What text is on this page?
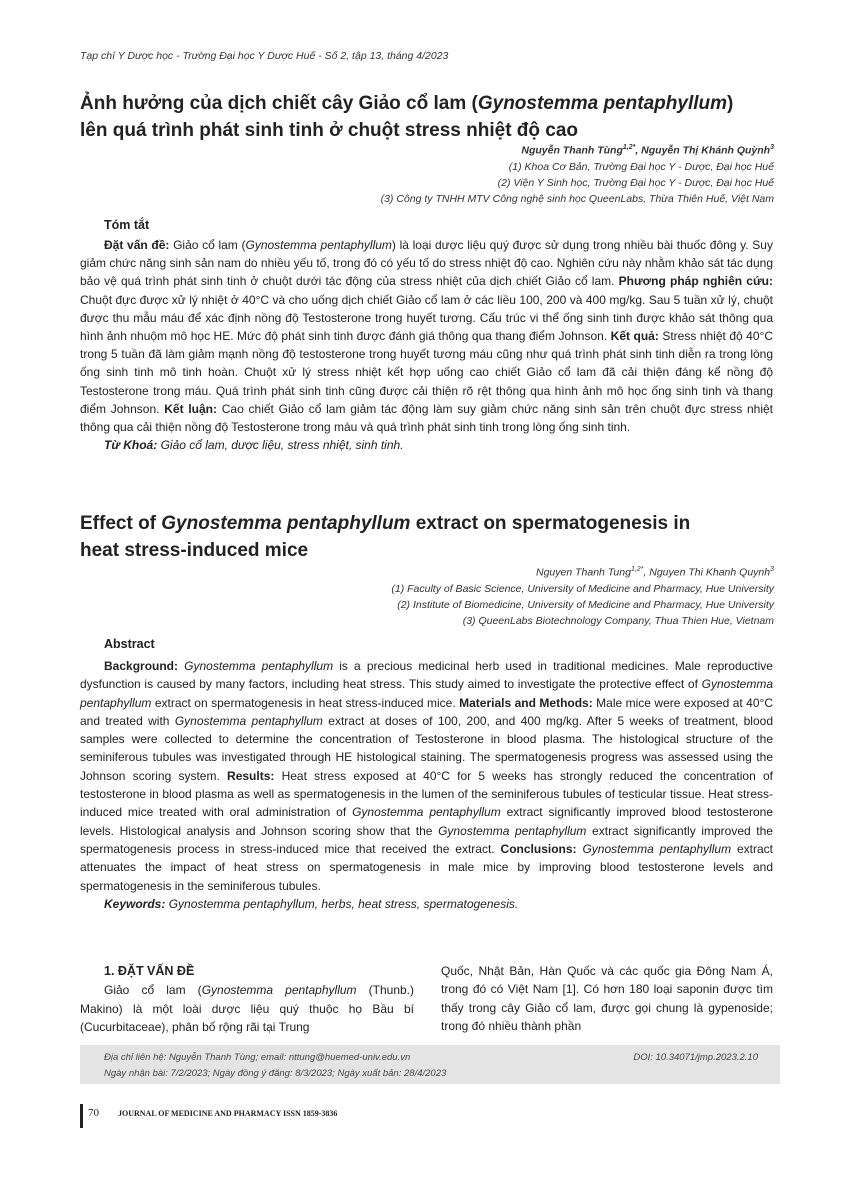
Tạp chí Y Dược học - Trường Đại học Y Dược Huế - Số 2, tập 13, tháng 4/2023
Ảnh hưởng của dịch chiết cây Giảo cổ lam (Gynostemma pentaphyllum)
lên quá trình phát sinh tinh ở chuột stress nhiệt độ cao
Nguyễn Thanh Tùng$^{1,2*}$, Nguyễn Thị Khánh Quỳnh$^3$
(1) Khoa Cơ Bản, Trường Đại học Y - Dược, Đại học Huế
(2) Viện Y Sinh học, Trường Đại học Y - Dược, Đại học Huế
(3) Công ty TNHH MTV Công nghệ sinh học QueenLabs, Thừa Thiên Huế, Việt Nam
Tóm tắt

Đặt vấn đề: Giảo cổ lam (Gynostemma pentaphyllum) là loại dược liệu quý được sử dụng trong nhiều bài thuốc đông y. Suy giảm chức năng sinh sản nam do nhiều yếu tố, trong đó có yếu tố do stress nhiệt độ cao. Nghiên cứu này nhằm khảo sát tác dụng bảo vệ quá trình phát sinh tinh ở chuột dưới tác động của stress nhiệt của dịch chiết Giảo cổ lam. Phương pháp nghiên cứu: Chuột đực được xử lý nhiệt ở 40°C và cho uống dịch chiết Giảo cổ lam ở các liều 100, 200 và 400 mg/kg. Sau 5 tuần xử lý, chuột được thu mẫu máu để xác định nồng độ Testosterone trong huyết tương. Cấu trúc vi thể ống sinh tinh được khảo sát thông qua hình ảnh nhuộm mô học HE. Mức độ phát sinh tinh được đánh giá thông qua thang điểm Johnson. Kết quả: Stress nhiệt độ 40°C trong 5 tuần đã làm giảm mạnh nồng độ testosterone trong huyết tương máu cũng như quá trình phát sinh tinh diễn ra trong lòng ống sinh tinh mô tinh hoàn. Chuột xử lý stress nhiệt kết hợp uống cao chiết Giảo cổ lam đã cải thiện đáng kể nồng độ Testosterone trong máu. Quá trình phát sinh tinh cũng được cải thiện rõ rệt thông qua hình ảnh mô học ống sinh tinh và thang điểm Johnson. Kết luận: Cao chiết Giảo cổ lam giảm tác động làm suy giảm chức năng sinh sản trên chuột đực stress nhiệt thông qua cải thiện nồng độ Testosterone trong máu và quá trình phát sinh tinh trong lòng ống sinh tinh.

Từ Khoá: Giảo cổ lam, dược liệu, stress nhiệt, sinh tinh.

Effect of Gynostemma pentaphyllum extract on spermatogenesis in
heat stress-induced mice
Nguyen Thanh Tung$^{1,2*}$, Nguyen Thi Khanh Quynh$^3$
(1) Faculty of Basic Science, University of Medicine and Pharmacy, Hue University
(2) Institute of Biomedicine, University of Medicine and Pharmacy, Hue University
(3) QueenLabs Biotechnology Company, Thua Thien Hue, Vietnam
Abstract

Background: Gynostemma pentaphyllum is a precious medicinal herb used in traditional medicines. Male reproductive dysfunction is caused by many factors, including heat stress. This study aimed to investigate the protective effect of Gynostemma pentaphyllum extract on spermatogenesis in heat stress-induced mice. Materials and Methods: Male mice were exposed at 40°C and treated with Gynostemma pentaphyllum extract at doses of 100, 200, and 400 mg/kg. After 5 weeks of treatment, blood samples were collected to determine the concentration of Testosterone in blood plasma. The histological structure of the seminiferous tubules was investigated through HE histological staining. The spermatogenesis progress was assessed using the Johnson scoring system. Results: Heat stress exposed at 40°C for 5 weeks has strongly reduced the concentration of testosterone in blood plasma as well as spermatogenesis in the lumen of the seminiferous tubules of testicular tissue. Heat stress-induced mice treated with oral administration of Gynostemma pentaphyllum extract significantly improved blood testosterone levels. Histological analysis and Johnson scoring show that the Gynostemma pentaphyllum extract significantly improved the spermatogenesis process in stress-induced mice that received the extract. Conclusions: Gynostemma pentaphyllum extract attenuates the impact of heat stress on spermatogenesis in male mice by improving blood testosterone levels and spermatogenesis in the seminiferous tubules.

Keywords: Gynostemma pentaphyllum, herbs, heat stress, spermatogenesis.

1. ĐẶT VẤN ĐỀ

Giảo cổ lam (Gynostemma pentaphyllum (Thunb.) Makino) là một loài dược liệu quý thuộc họ Bầu bí (Cucurbitaceae), phân bố rộng rãi tại Trung

Quốc, Nhật Bản, Hàn Quốc và các quốc gia Đông Nam Á, trong đó có Việt Nam [1]. Có hơn 180 loại saponin được tìm thấy trong cây Giảo cổ lam, được gọi chung là gypenoside; trong đó nhiều thành phần

Địa chỉ liên hệ: Nguyễn Thanh Tùng; email: nttung@huemed-univ.edu.vn
Ngày nhận bài: 7/2/2023; Ngày đồng ý đăng: 8/3/2023; Ngày xuất bản: 28/4/2023
DOI: 10.34071/jmp.2023.2.10
70 JOURNAL OF MEDICINE AND PHARMACY ISSN 1859-3836
